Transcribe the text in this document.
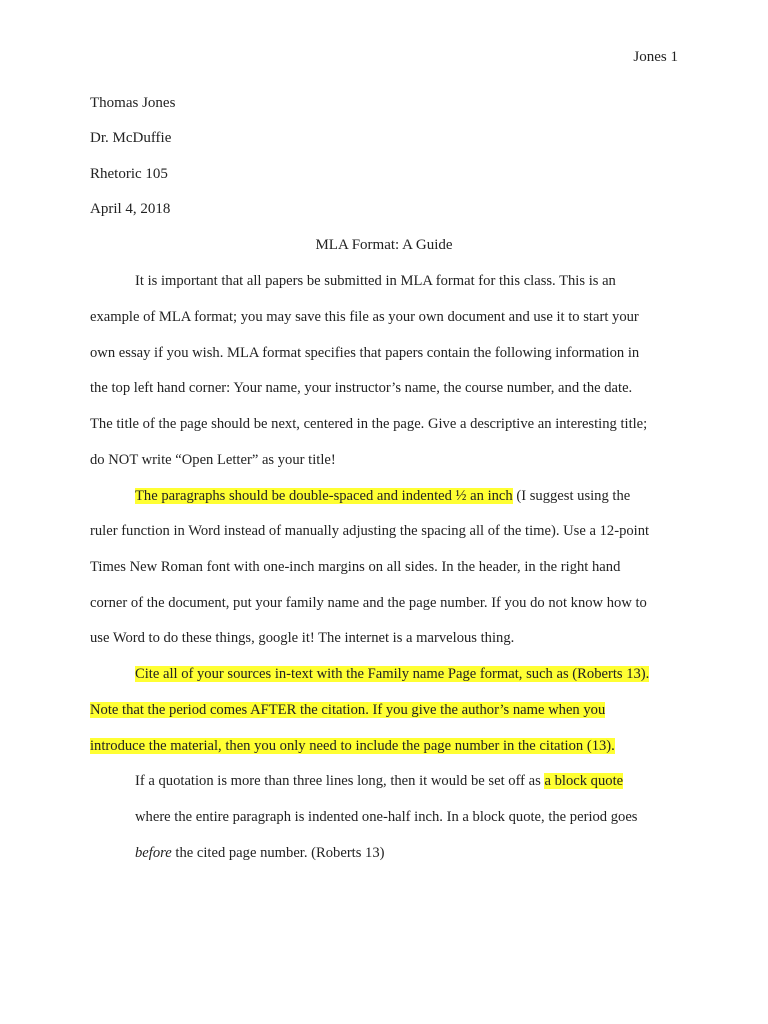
Jones 1
Thomas Jones
Dr. McDuffie
Rhetoric 105
April 4, 2018
MLA Format: A Guide
It is important that all papers be submitted in MLA format for this class. This is an
example of MLA format; you may save this file as your own document and use it to start your
own essay if you wish. MLA format specifies that papers contain the following information in
the top left hand corner: Your name, your instructor’s name, the course number, and the date.
The title of the page should be next, centered in the page. Give a descriptive an interesting title;
do NOT write “Open Letter” as your title!
The paragraphs should be double-spaced and indented ½ an inch (I suggest using the
ruler function in Word instead of manually adjusting the spacing all of the time). Use a 12-point
Times New Roman font with one-inch margins on all sides. In the header, in the right hand
corner of the document, put your family name and the page number. If you do not know how to
use Word to do these things, google it! The internet is a marvelous thing.
Cite all of your sources in-text with the Family name Page format, such as (Roberts 13).
Note that the period comes AFTER the citation. If you give the author’s name when you
introduce the material, then you only need to include the page number in the citation (13).
If a quotation is more than three lines long, then it would be set off as a block quote
where the entire paragraph is indented one-half inch. In a block quote, the period goes
before the cited page number. (Roberts 13)
